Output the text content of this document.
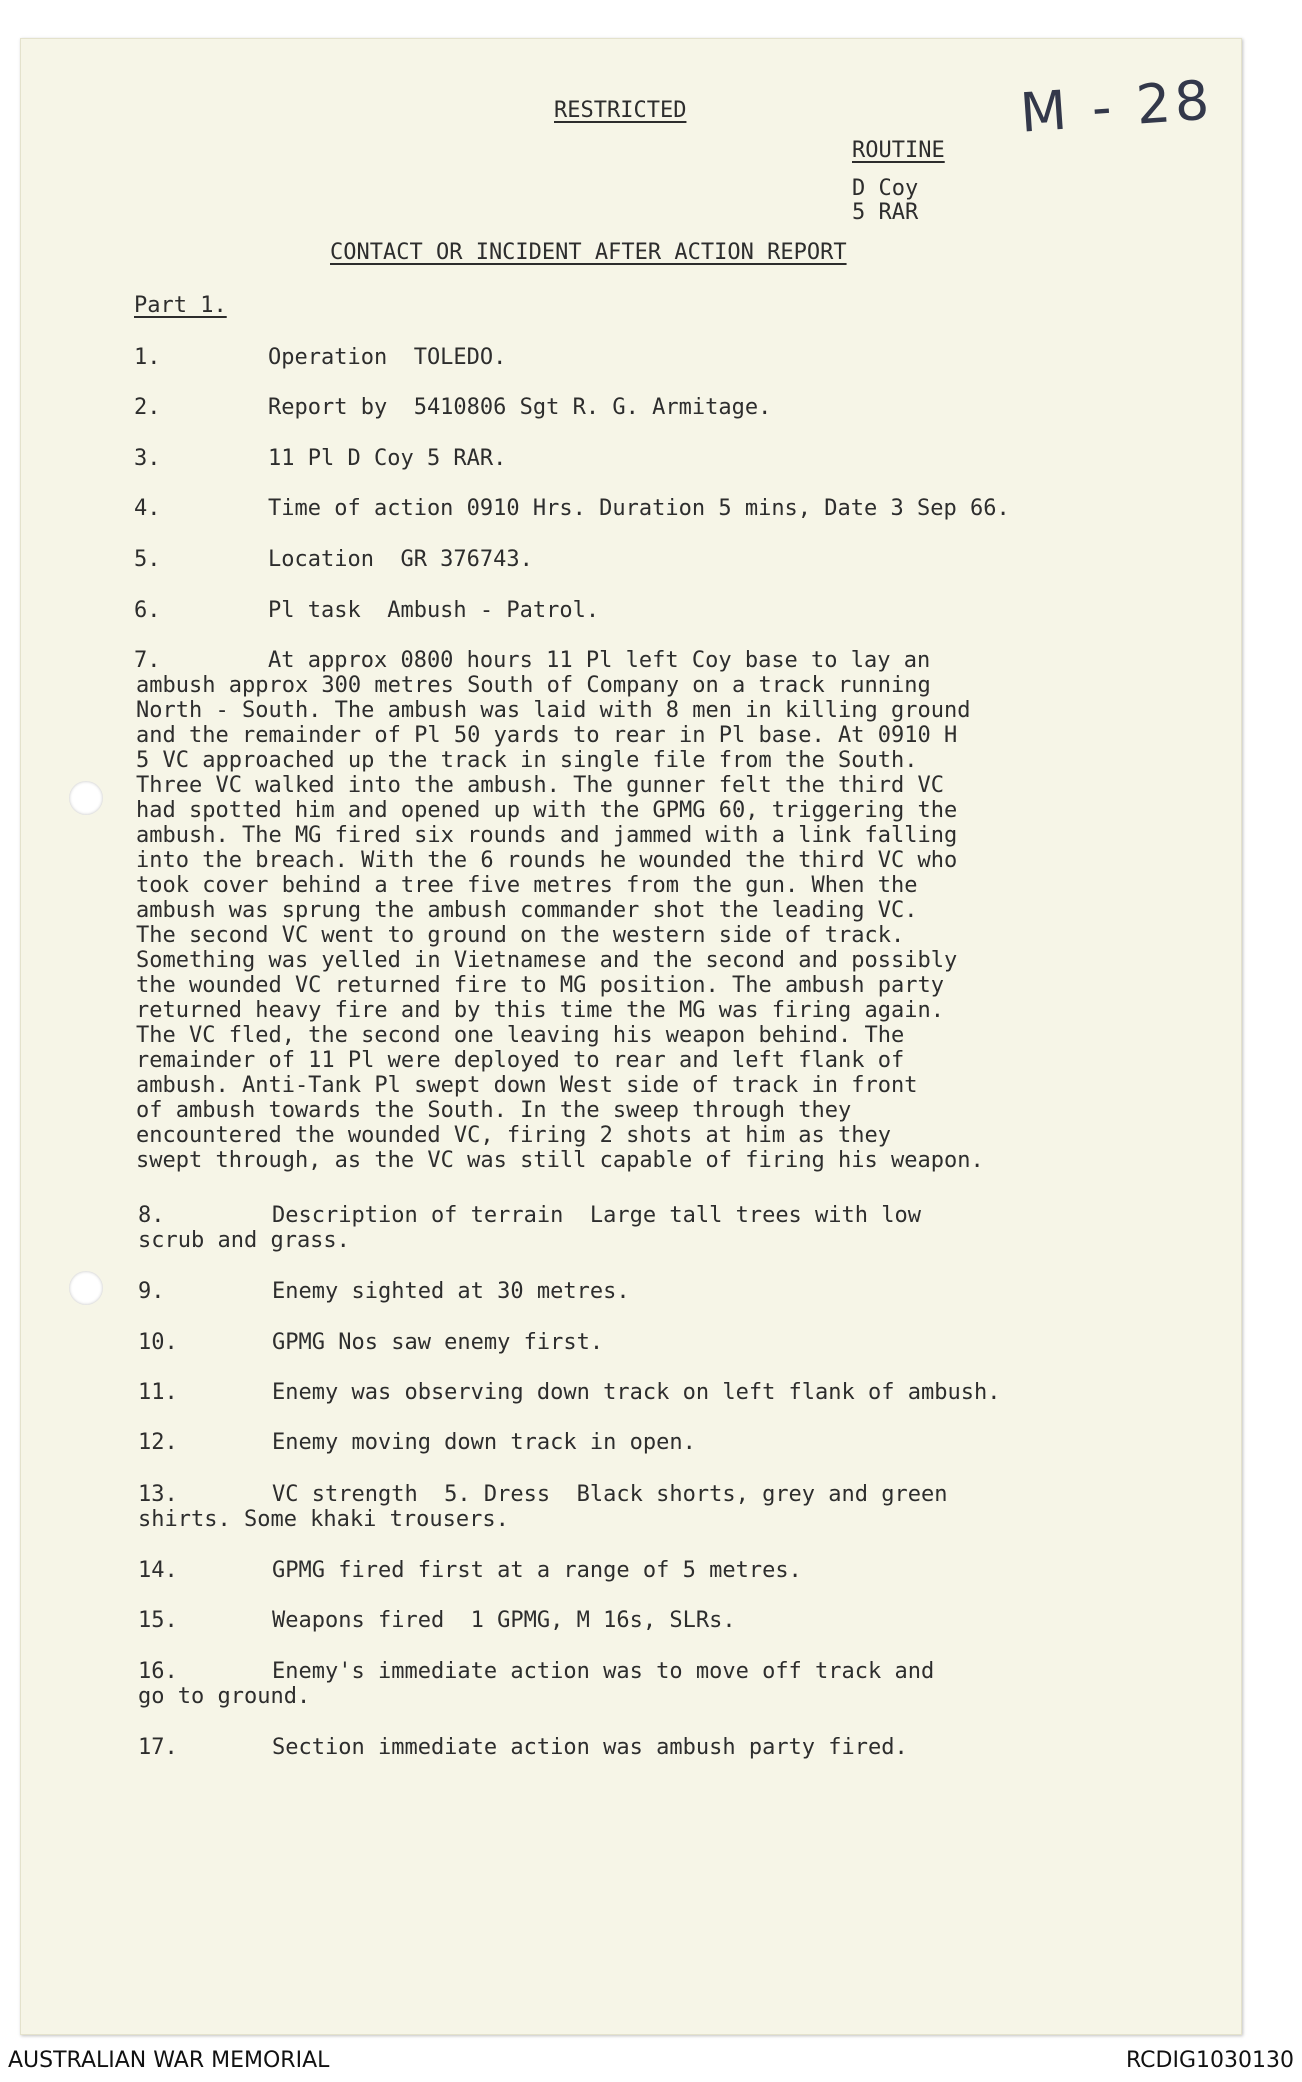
RESTRICTED	M - 28
ROUTINE
D Coy
5 RAR
CONTACT OR INCIDENT AFTER ACTION REPORT
Part 1.
1.	Operation  TOLEDO.
2.	Report by  5410806 Sgt R. G. Armitage.
3.	11 Pl D Coy 5 RAR.
4.	Time of action 0910 Hrs. Duration 5 mins, Date 3 Sep 66.
5.	Location  GR 376743.
6.	Pl task  Ambush - Patrol.
7.	At approx 0800 hours 11 Pl left Coy base to lay an

ambush approx 300 metres South of Company on a track running

North - South. The ambush was laid with 8 men in killing ground

and the remainder of Pl 50 yards to rear in Pl base. At 0910 H

5 VC approached up the track in single file from the South.

Three VC walked into the ambush. The gunner felt the third VC

had spotted him and opened up with the GPMG 60, triggering the

ambush. The MG fired six rounds and jammed with a link falling

into the breach. With the 6 rounds he wounded the third VC who

took cover behind a tree five metres from the gun. When the

ambush was sprung the ambush commander shot the leading VC.

The second VC went to ground on the western side of track.

Something was yelled in Vietnamese and the second and possibly

the wounded VC returned fire to MG position. The ambush party

returned heavy fire and by this time the MG was firing again.

The VC fled, the second one leaving his weapon behind. The

remainder of 11 Pl were deployed to rear and left flank of

ambush. Anti-Tank Pl swept down West side of track in front

of ambush towards the South. In the sweep through they

encountered the wounded VC, firing 2 shots at him as they

swept through, as the VC was still capable of firing his weapon.

8.	Description of terrain  Large tall trees with low
scrub and grass.
9.	Enemy sighted at 30 metres.
10.	GPMG Nos saw enemy first.
11.	Enemy was observing down track on left flank of ambush.
12.	Enemy moving down track in open.
13.	VC strength  5. Dress  Black shorts, grey and green
shirts. Some khaki trousers.
14.	GPMG fired first at a range of 5 metres.
15.	Weapons fired  1 GPMG, M 16s, SLRs.
16.	Enemy's immediate action was to move off track and
go to ground.
17.	Section immediate action was ambush party fired.
AUSTRALIAN WAR MEMORIAL	RCDIG1030130
